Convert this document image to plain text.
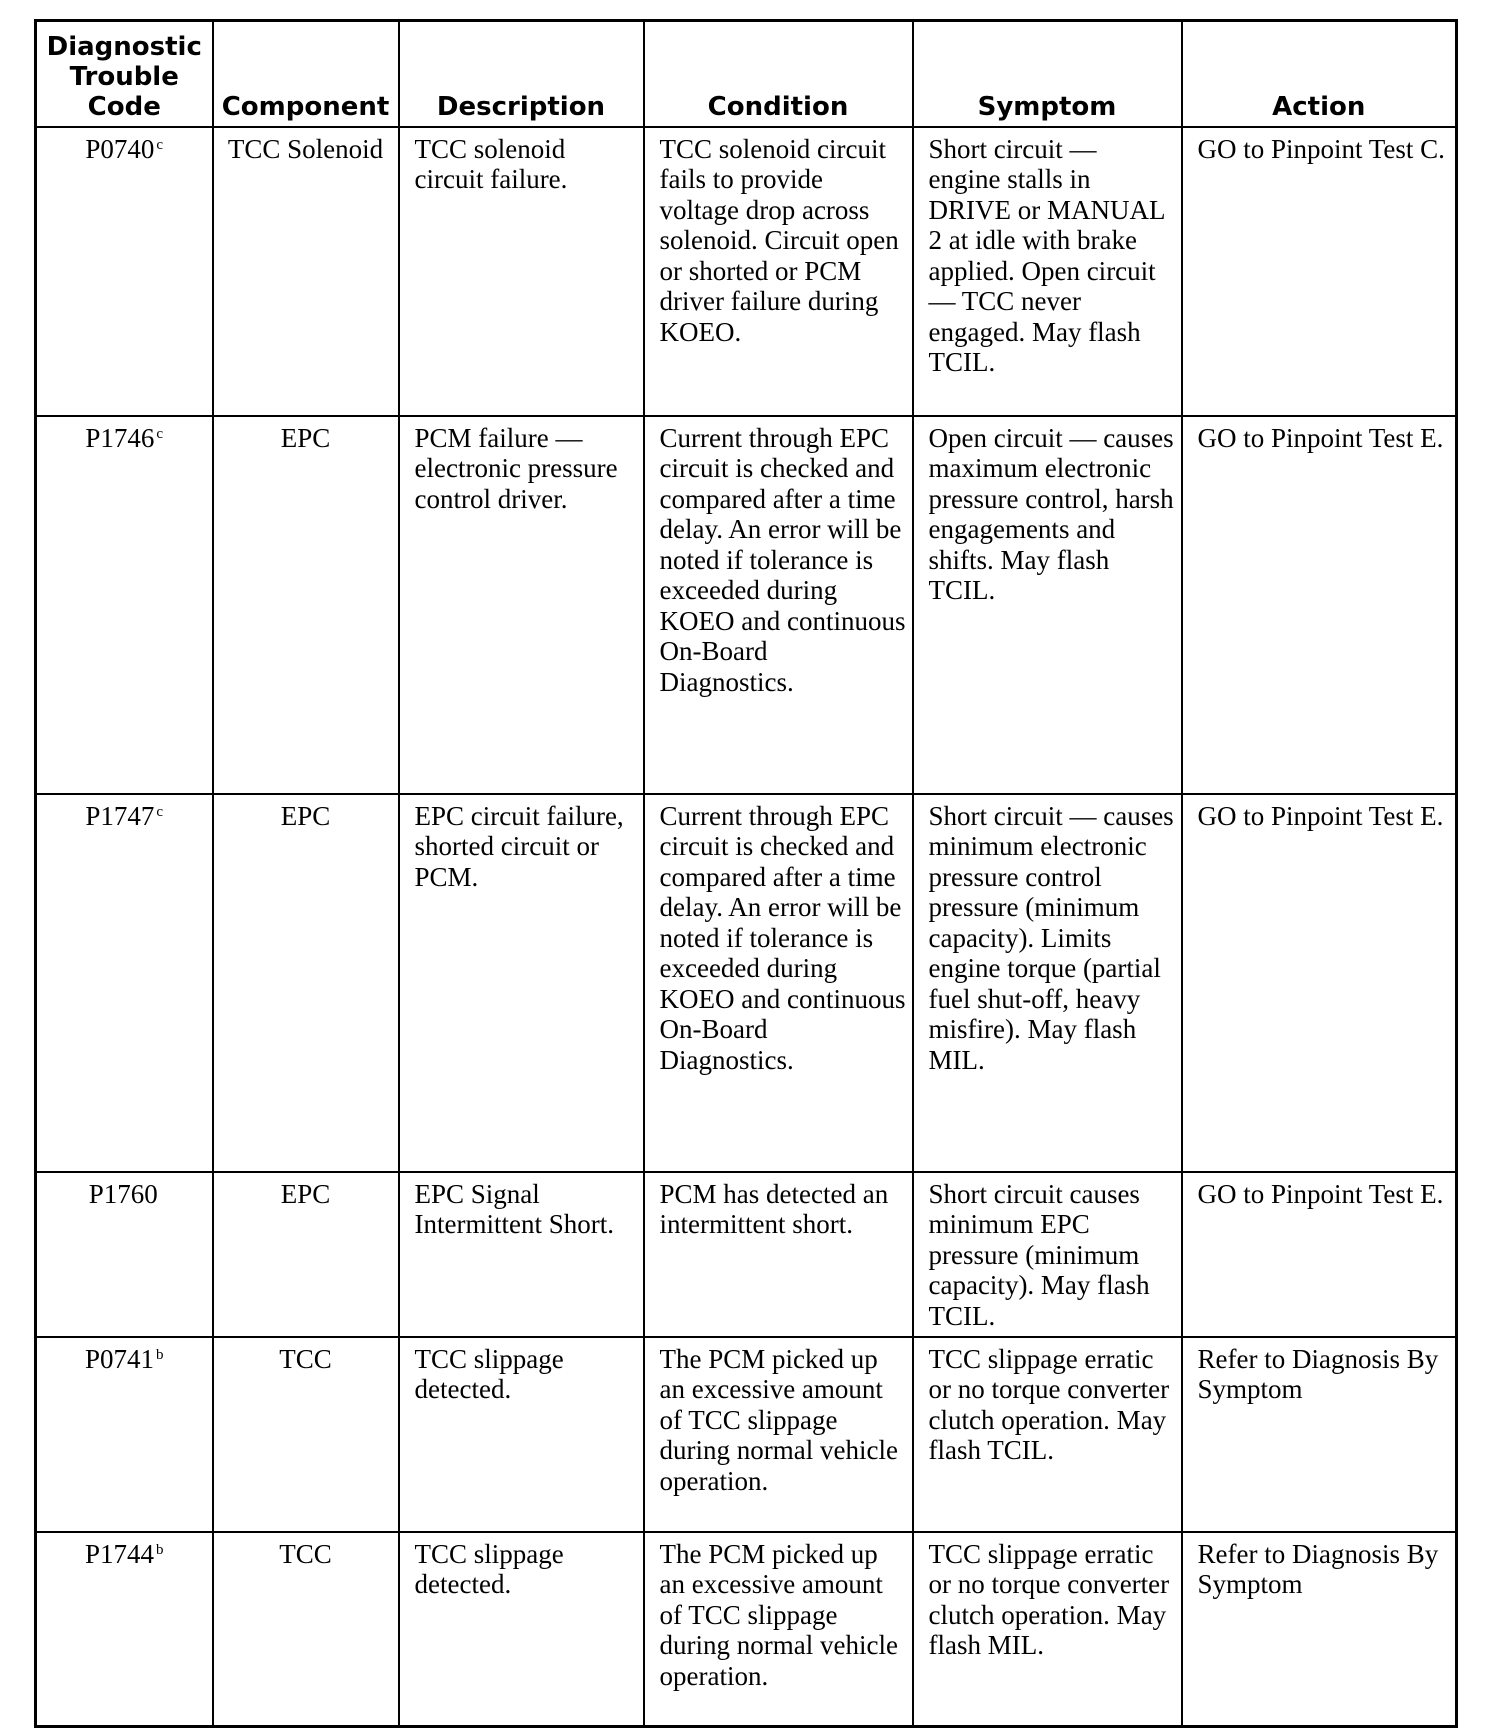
Diagnostic
Trouble
Code	Component	Description	Condition	Symptom	Action
P0740 $^c$	TCC Solenoid	TCC solenoid circuit failure.	TCC solenoid circuit fails to provide voltage drop across solenoid. Circuit open or shorted or PCM driver failure during KOEO.	Short circuit — engine stalls in DRIVE or MANUAL 2 at idle with brake applied. Open circuit — TCC never engaged. May flash TCIL.	GO to Pinpoint Test C.
P1746 $^c$	EPC	PCM failure — electronic pressure control driver.	Current through EPC circuit is checked and compared after a time delay. An error will be noted if tolerance is exceeded during KOEO and continuous On-Board Diagnostics.	Open circuit — causes maximum electronic pressure control, harsh engagements and shifts. May flash TCIL.	GO to Pinpoint Test E.
P1747 $^c$	EPC	EPC circuit failure, shorted circuit or PCM.	Current through EPC circuit is checked and compared after a time delay. An error will be noted if tolerance is exceeded during KOEO and continuous On-Board Diagnostics.	Short circuit — causes minimum electronic pressure control pressure (minimum capacity). Limits engine torque (partial fuel shut-off, heavy misfire). May flash MIL.	GO to Pinpoint Test E.
P1760	EPC	EPC Signal Intermittent Short.	PCM has detected an intermittent short.	Short circuit causes minimum EPC pressure (minimum capacity). May flash TCIL.	GO to Pinpoint Test E.
P0741 $^b$	TCC	TCC slippage detected.	The PCM picked up an excessive amount of TCC slippage during normal vehicle operation.	TCC slippage erratic or no torque converter clutch operation. May flash TCIL.	Refer to Diagnosis By Symptom
P1744 $^b$	TCC	TCC slippage detected.	The PCM picked up an excessive amount of TCC slippage during normal vehicle operation.	TCC slippage erratic or no torque converter clutch operation. May flash MIL.	Refer to Diagnosis By Symptom
